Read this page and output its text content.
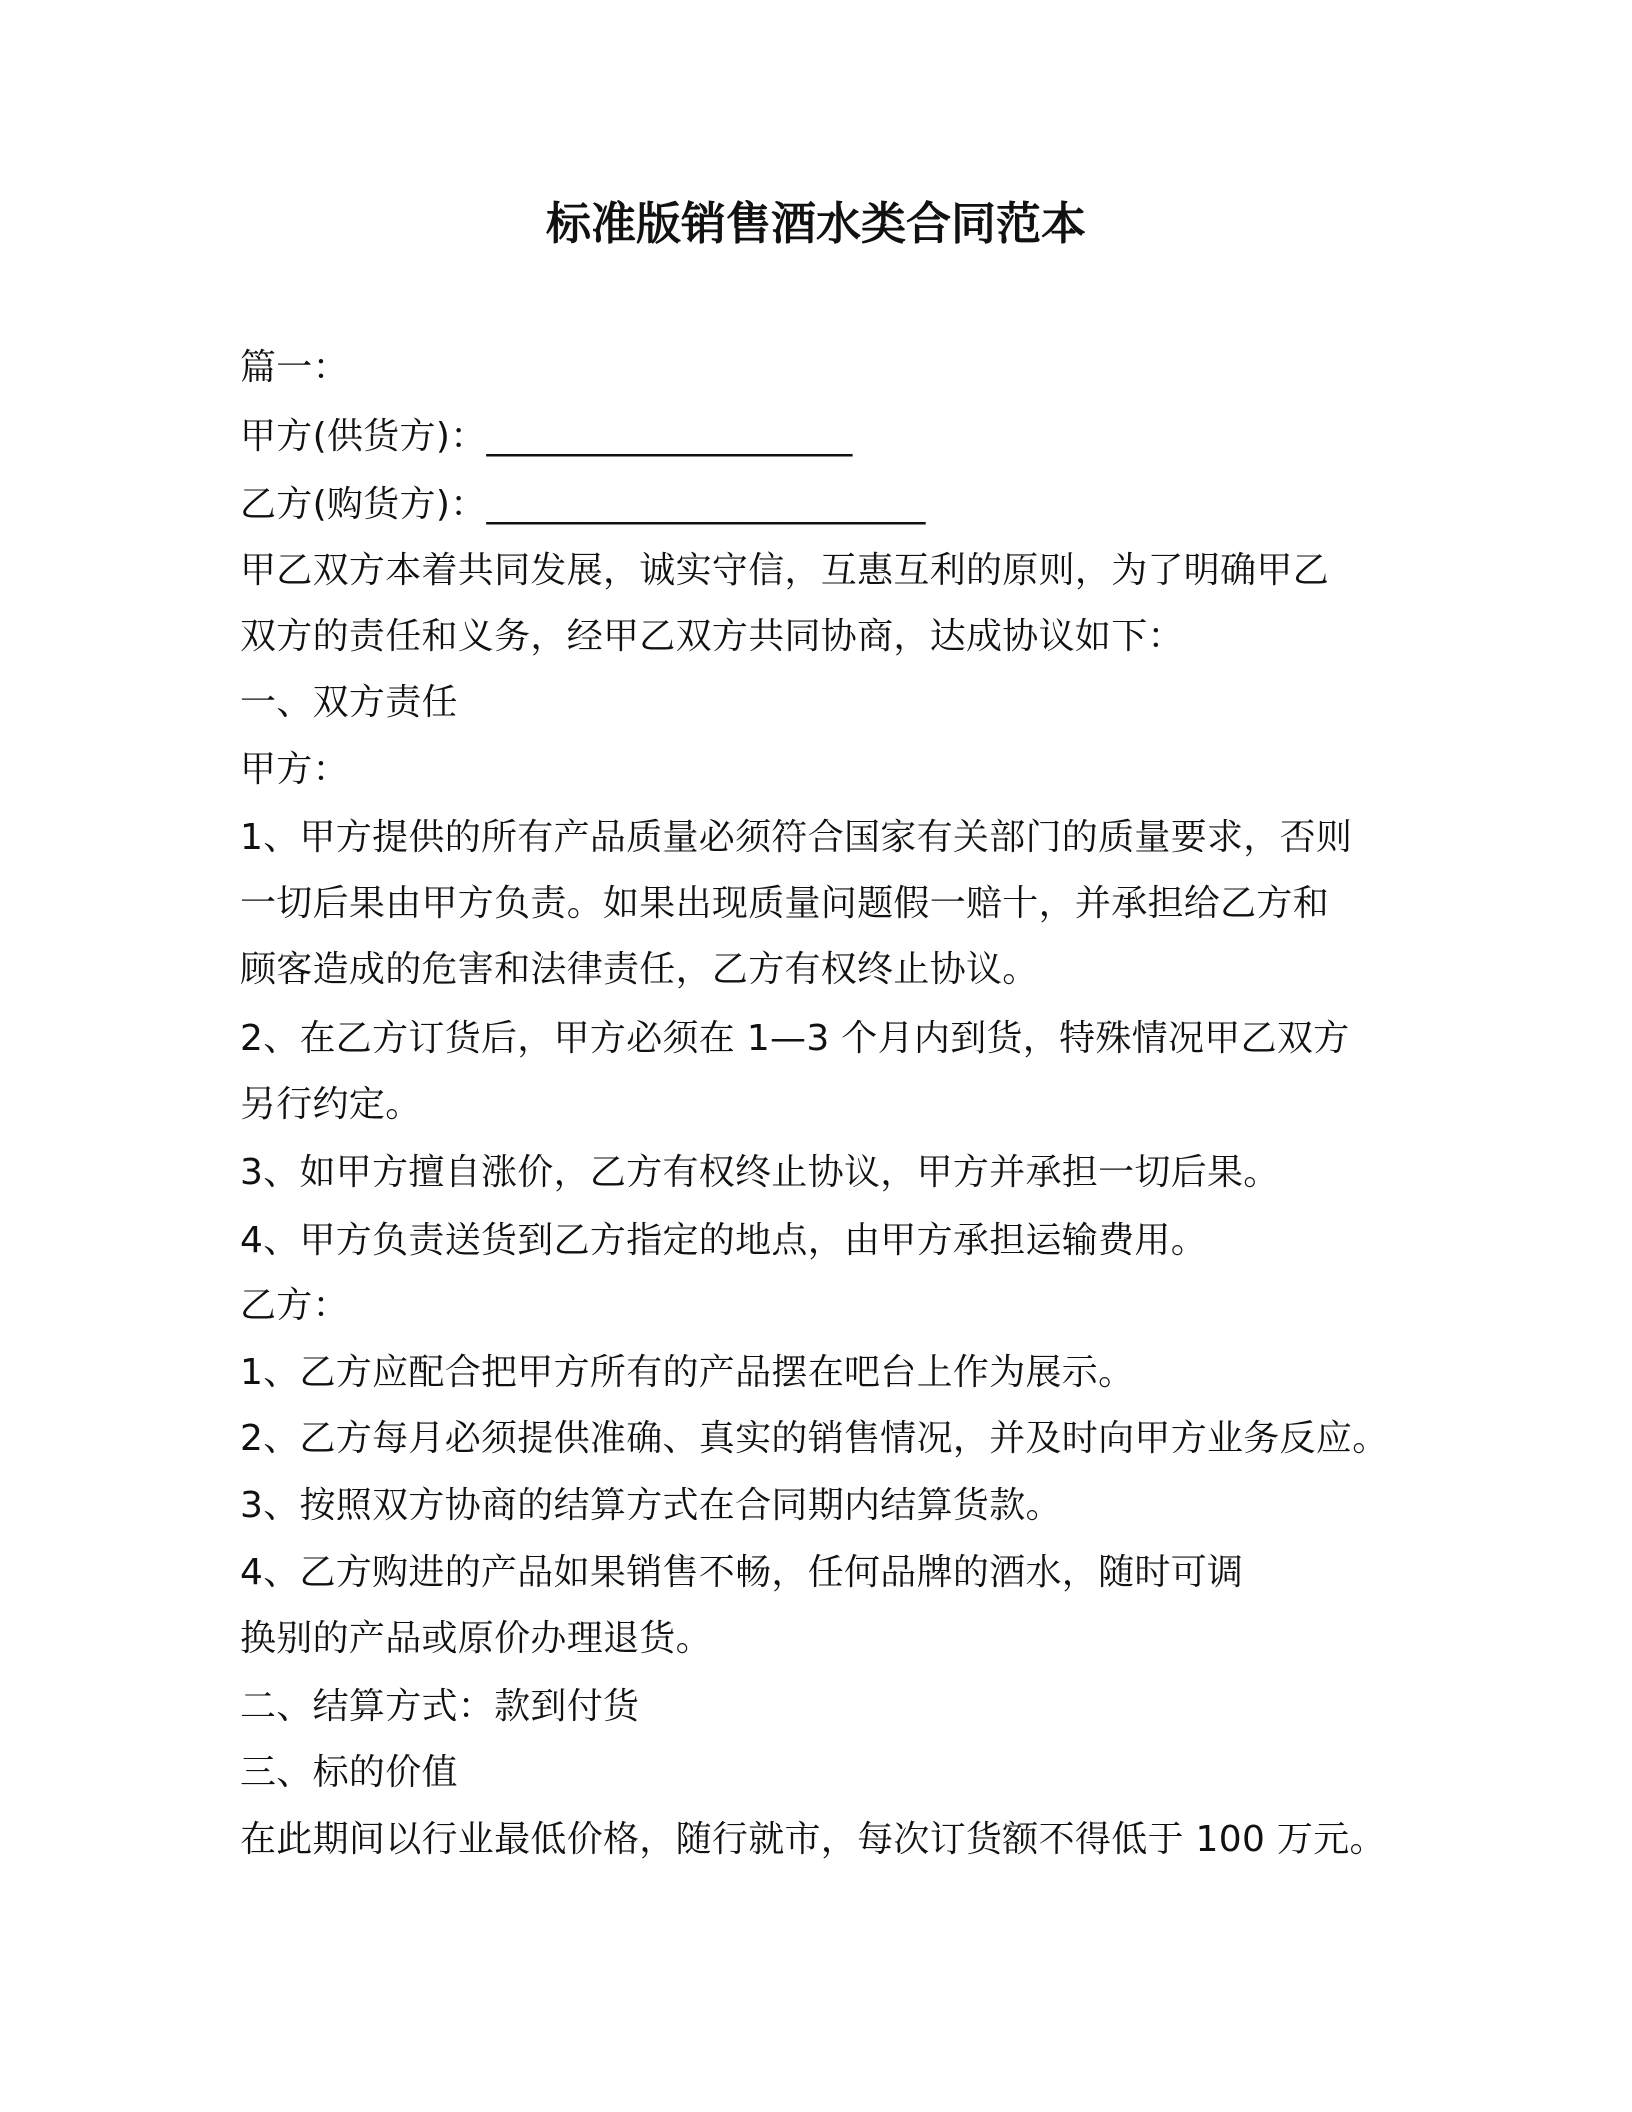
标准版销售酒水类合同范本
篇一：
甲方(供货方)：____________________
乙方(购货方)：________________________
甲乙双方本着共同发展，诚实守信，互惠互利的原则，为了明确甲乙
双方的责任和义务，经甲乙双方共同协商，达成协议如下：
一、双方责任
甲方：
1、甲方提供的所有产品质量必须符合国家有关部门的质量要求，否则
一切后果由甲方负责。如果出现质量问题假一赔十，并承担给乙方和
顾客造成的危害和法律责任，乙方有权终止协议。
2、在乙方订货后，甲方必须在 1—3 个月内到货，特殊情况甲乙双方
另行约定。
3、如甲方擅自涨价，乙方有权终止协议，甲方并承担一切后果。
4、甲方负责送货到乙方指定的地点，由甲方承担运输费用。
乙方：
1、乙方应配合把甲方所有的产品摆在吧台上作为展示。
2、乙方每月必须提供准确、真实的销售情况，并及时向甲方业务反应。
3、按照双方协商的结算方式在合同期内结算货款。
4、乙方购进的产品如果销售不畅，任何品牌的酒水，随时可调
换别的产品或原价办理退货。
二、结算方式：款到付货
三、标的价值
在此期间以行业最低价格，随行就市，每次订货额不得低于 100 万元。
